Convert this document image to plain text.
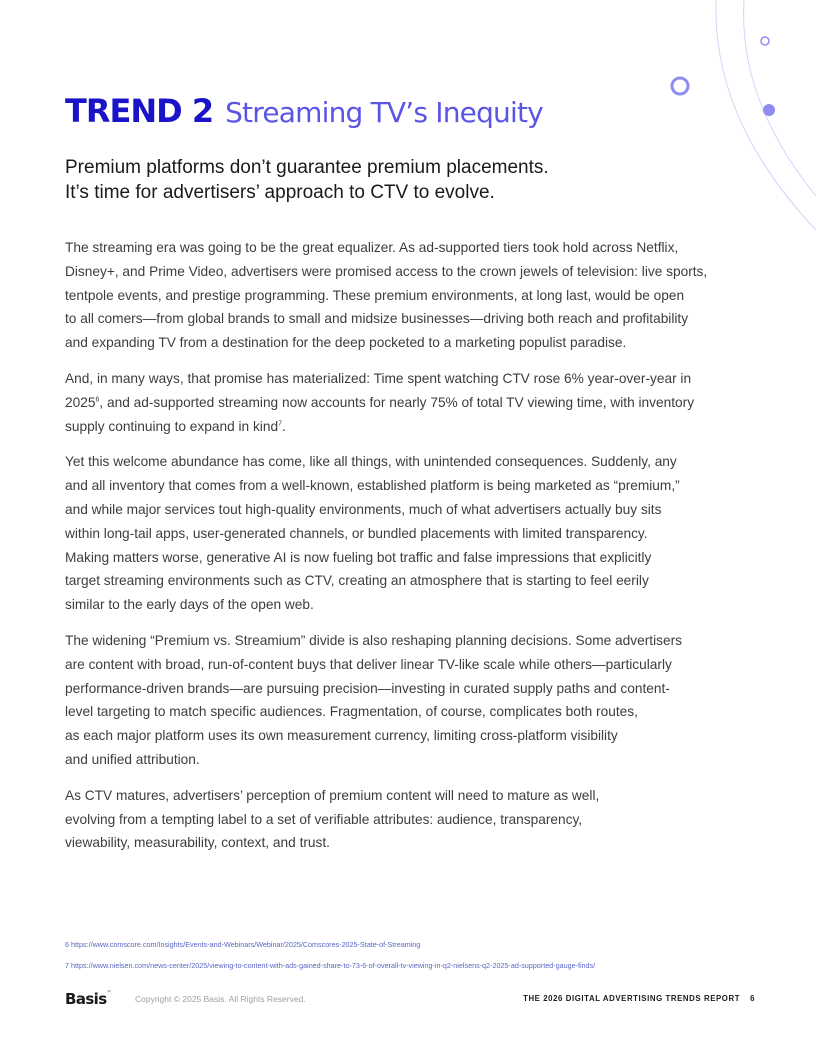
TREND 2 Streaming TV’s Inequity
Premium platforms don’t guarantee premium placements.
It’s time for advertisers’ approach to CTV to evolve.

The streaming era was going to be the great equalizer. As ad-supported tiers took hold across Netflix,
Disney+, and Prime Video, advertisers were promised access to the crown jewels of television: live sports,
tentpole events, and prestige programming. These premium environments, at long last, would be open
to all comers—from global brands to small and midsize businesses—driving both reach and profitability
and expanding TV from a destination for the deep pocketed to a marketing populist paradise.

And, in many ways, that promise has materialized: Time spent watching CTV rose 6% year-over-year in
2025$^6$, and ad-supported streaming now accounts for nearly 75% of total TV viewing time, with inventory
supply continuing to expand in kind$^7$.

Yet this welcome abundance has come, like all things, with unintended consequences. Suddenly, any
and all inventory that comes from a well-known, established platform is being marketed as “premium,”
and while major services tout high-quality environments, much of what advertisers actually buy sits
within long-tail apps, user-generated channels, or bundled placements with limited transparency.
Making matters worse, generative AI is now fueling bot traffic and false impressions that explicitly
target streaming environments such as CTV, creating an atmosphere that is starting to feel eerily
similar to the early days of the open web.

The widening “Premium vs. Streamium” divide is also reshaping planning decisions. Some advertisers
are content with broad, run-of-content buys that deliver linear TV-like scale while others—particularly
performance-driven brands—are pursuing precision—investing in curated supply paths and content-
level targeting to match specific audiences. Fragmentation, of course, complicates both routes,
as each major platform uses its own measurement currency, limiting cross-platform visibility
and unified attribution.

As CTV matures, advertisers’ perception of premium content will need to mature as well,
evolving from a tempting label to a set of verifiable attributes: audience, transparency,
viewability, measurability, context, and trust.

6 https://www.comscore.com/Insights/Events-and-Webinars/Webinar/2025/Comscores-2025-State-of-Streaming
7 https://www.nielsen.com/news-center/2025/viewing-to-content-with-ads-gained-share-to-73-6-of-overall-tv-viewing-in-q2-nielsens-q2-2025-ad-supported-gauge-finds/
Basis™
Copyright © 2025 Basis. All Rights Reserved.	THE 2026 DIGITAL ADVERTISING TRENDS REPORT 6
